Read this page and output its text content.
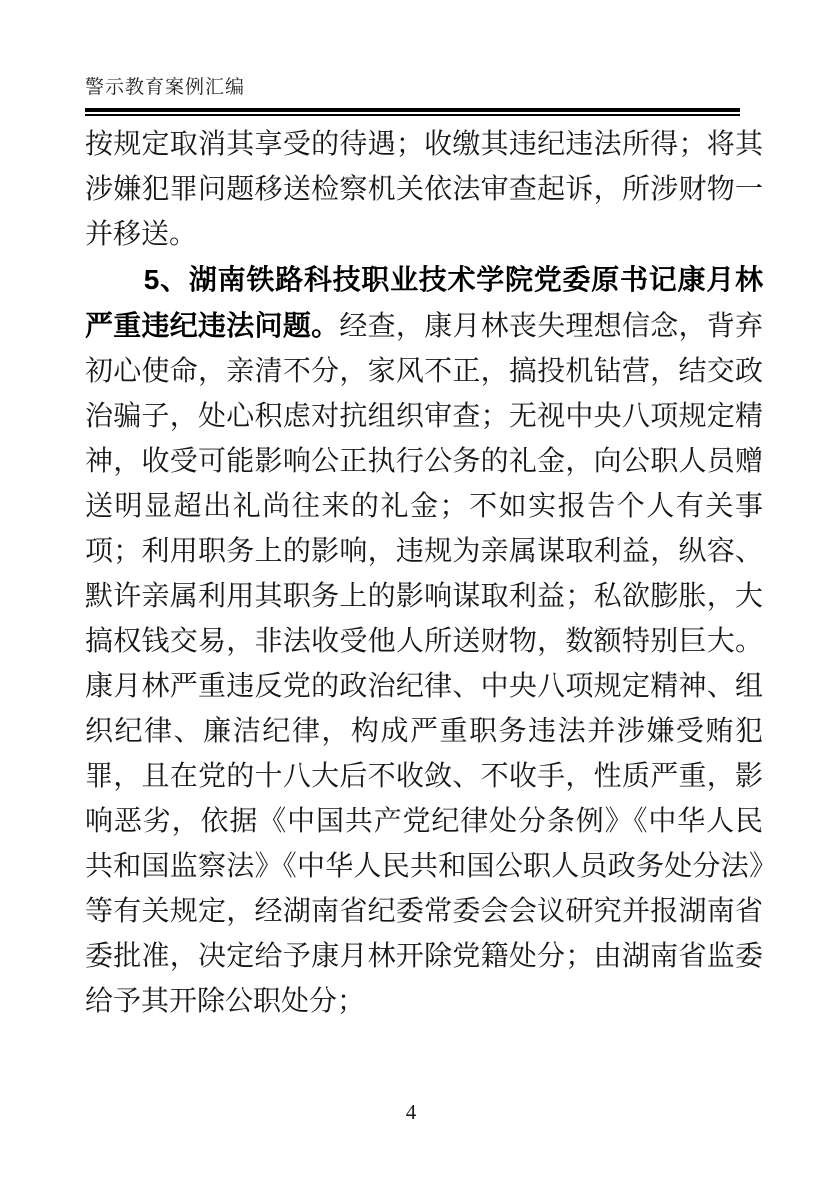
警示教育案例汇编

按规定取消其享受的待遇；收缴其违纪违法所得；将其涉嫌犯罪问题移送检察机关依法审查起诉，所涉财物一并移送。

5、湖南铁路科技职业技术学院党委原书记康月林严重违纪违法问题。经查，康月林丧失理想信念，背弃初心使命，亲清不分，家风不正，搞投机钻营，结交政治骗子，处心积虑对抗组织审查；无视中央八项规定精神，收受可能影响公正执行公务的礼金，向公职人员赠送明显超出礼尚往来的礼金；不如实报告个人有关事项；利用职务上的影响，违规为亲属谋取利益，纵容、默许亲属利用其职务上的影响谋取利益；私欲膨胀，大搞权钱交易，非法收受他人所送财物，数额特别巨大。康月林严重违反党的政治纪律、中央八项规定精神、组织纪律、廉洁纪律，构成严重职务违法并涉嫌受贿犯罪，且在党的十八大后不收敛、不收手，性质严重，影响恶劣，依据《中国共产党纪律处分条例》《中华人民共和国监察法》《中华人民共和国公职人员政务处分法》等有关规定，经湖南省纪委常委会会议研究并报湖南省委批准，决定给予康月林开除党籍处分；由湖南省监委给予其开除公职处分；

4
